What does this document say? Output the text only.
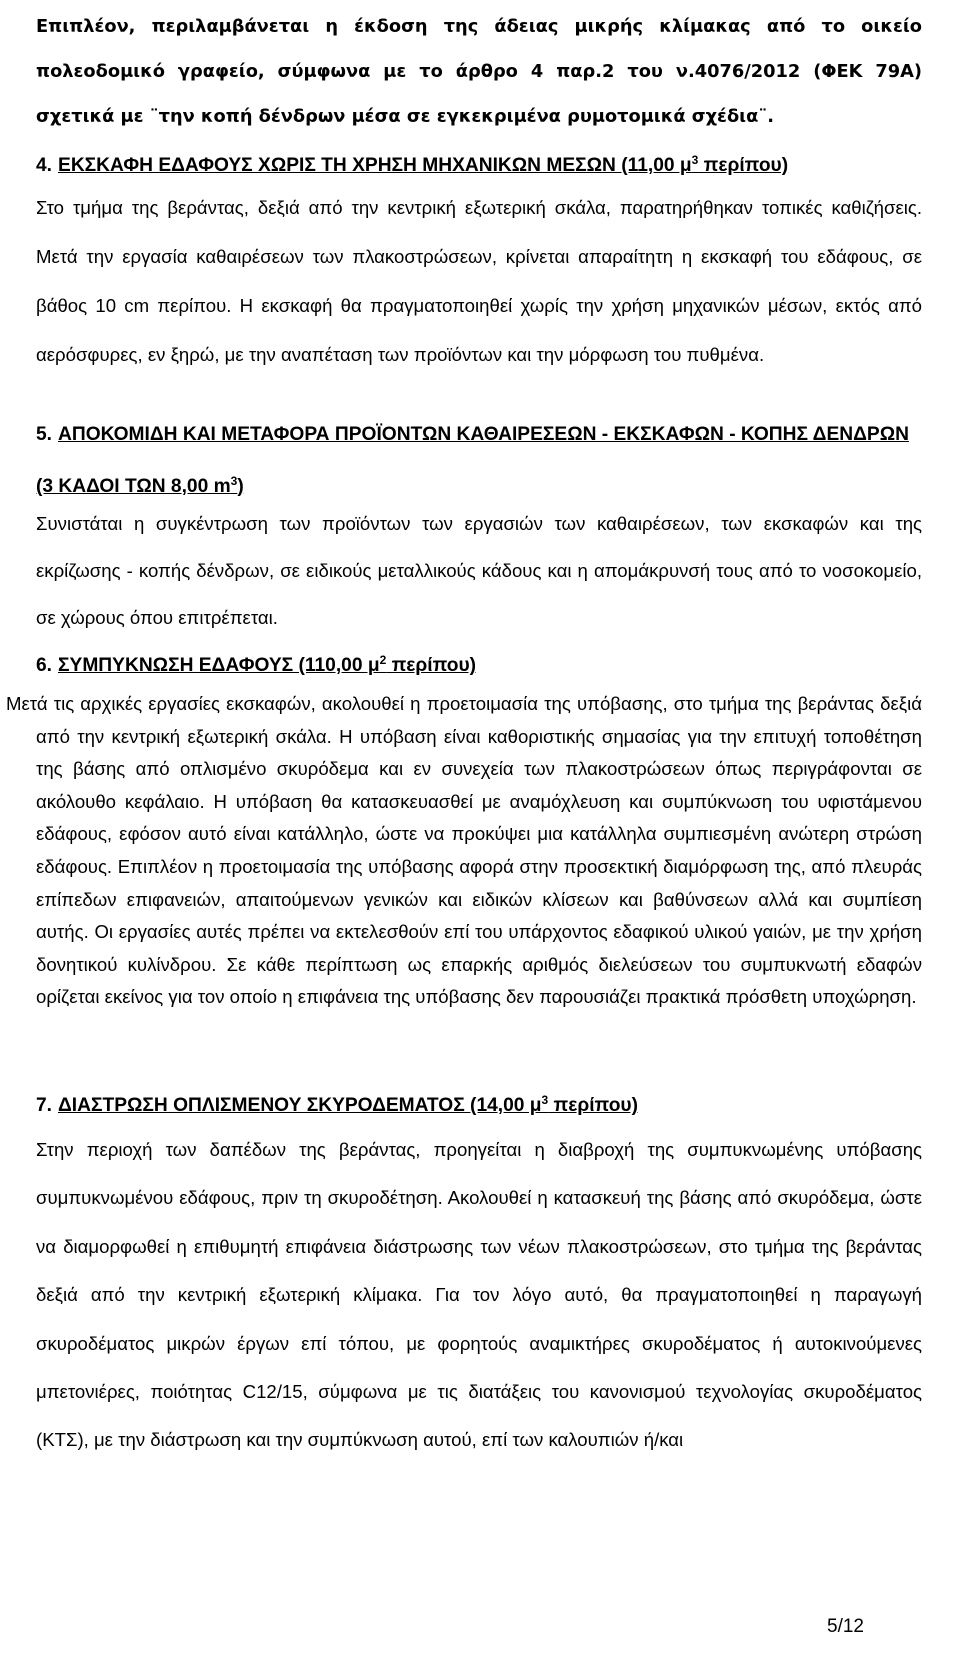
Επιπλέον, περιλαμβάνεται η έκδοση της άδειας μικρής κλίμακας από το οικείο πολεοδομικό γραφείο, σύμφωνα με το άρθρο 4 παρ.2 του ν.4076/2012 (ΦΕΚ 79Α) σχετικά με ¨την κοπή δένδρων μέσα σε εγκεκριμένα ρυμοτομικά σχέδια¨.

4. ΕΚΣΚΑΦΗ ΕΔΑΦΟΥΣ ΧΩΡΙΣ ΤΗ ΧΡΗΣΗ ΜΗΧΑΝΙΚΩΝ ΜΕΣΩΝ (11,00 $\mu^3$ περίπου)

Στο τμήμα της βεράντας, δεξιά από την κεντρική εξωτερική σκάλα, παρατηρήθηκαν τοπικές καθιζήσεις. Μετά την εργασία καθαιρέσεων των πλακοστρώσεων, κρίνεται απαραίτητη η εκσκαφή του εδάφους, σε βάθος 10 cm περίπου. Η εκσκαφή θα πραγματοποιηθεί χωρίς την χρήση μηχανικών μέσων, εκτός από αερόσφυρες, εν ξηρώ, με την αναπέταση των προϊόντων και την μόρφωση του πυθμένα.

5. ΑΠΟΚΟΜΙΔΗ ΚΑΙ ΜΕΤΑΦΟΡΑ ΠΡΟΪΟΝΤΩΝ ΚΑΘΑΙΡΕΣΕΩΝ - ΕΚΣΚΑΦΩΝ - ΚΟΠΗΣ ΔΕΝΔΡΩΝ (3 ΚΑΔΟΙ ΤΩΝ 8,00 $m^3$)

Συνιστάται η συγκέντρωση των προϊόντων των εργασιών των καθαιρέσεων, των εκσκαφών και της εκρίζωσης - κοπής δένδρων, σε ειδικούς μεταλλικούς κάδους και η απομάκρυνσή τους από το νοσοκομείο, σε χώρους όπου επιτρέπεται.

6. ΣΥΜΠΥΚΝΩΣΗ ΕΔΑΦΟΥΣ (110,00 $\mu^2$ περίπου)

Μετά τις αρχικές εργασίες εκσκαφών, ακολουθεί η προετοιμασία της υπόβασης, στο τμήμα της βεράντας δεξιά από την κεντρική εξωτερική σκάλα. Η υπόβαση είναι καθοριστικής σημασίας για την επιτυχή τοποθέτηση της βάσης από οπλισμένο σκυρόδεμα και εν συνεχεία των πλακοστρώσεων όπως περιγράφονται σε ακόλουθο κεφάλαιο. Η υπόβαση θα κατασκευασθεί με αναμόχλευση και συμπύκνωση του υφιστάμενου εδάφους, εφόσον αυτό είναι κατάλληλο, ώστε να προκύψει μια κατάλληλα συμπιεσμένη ανώτερη στρώση εδάφους. Επιπλέον η προετοιμασία της υπόβασης αφορά στην προσεκτική διαμόρφωση της, από πλευράς επίπεδων επιφανειών, απαιτούμενων γενικών και ειδικών κλίσεων και βαθύνσεων αλλά και συμπίεση αυτής. Οι εργασίες αυτές πρέπει να εκτελεσθούν επί του υπάρχοντος εδαφικού υλικού γαιών, με την χρήση δονητικού κυλίνδρου. Σε κάθε περίπτωση ως επαρκής αριθμός διελεύσεων του συμπυκνωτή εδαφών ορίζεται εκείνος για τον οποίο η επιφάνεια της υπόβασης δεν παρουσιάζει πρακτικά πρόσθετη υποχώρηση.

7. ΔΙΑΣΤΡΩΣΗ ΟΠΛΙΣΜΕΝΟΥ ΣΚΥΡΟΔΕΜΑΤΟΣ (14,00 $\mu^3$ περίπου)

Στην περιοχή των δαπέδων της βεράντας, προηγείται η διαβροχή της συμπυκνωμένης υπόβασης συμπυκνωμένου εδάφους, πριν τη σκυροδέτηση. Ακολουθεί η κατασκευή της βάσης από σκυρόδεμα, ώστε να διαμορφωθεί η επιθυμητή επιφάνεια διάστρωσης των νέων πλακοστρώσεων, στο τμήμα της βεράντας δεξιά από την κεντρική εξωτερική κλίμακα. Για τον λόγο αυτό, θα πραγματοποιηθεί η παραγωγή σκυροδέματος μικρών έργων επί τόπου, με φορητούς αναμικτήρες σκυροδέματος ή αυτοκινούμενες μπετονιέρες, ποιότητας C12/15, σύμφωνα με τις διατάξεις του κανονισμού τεχνολογίας σκυροδέματος (ΚΤΣ), με την διάστρωση και την συμπύκνωση αυτού, επί των καλουπιών ή/και

5/12
